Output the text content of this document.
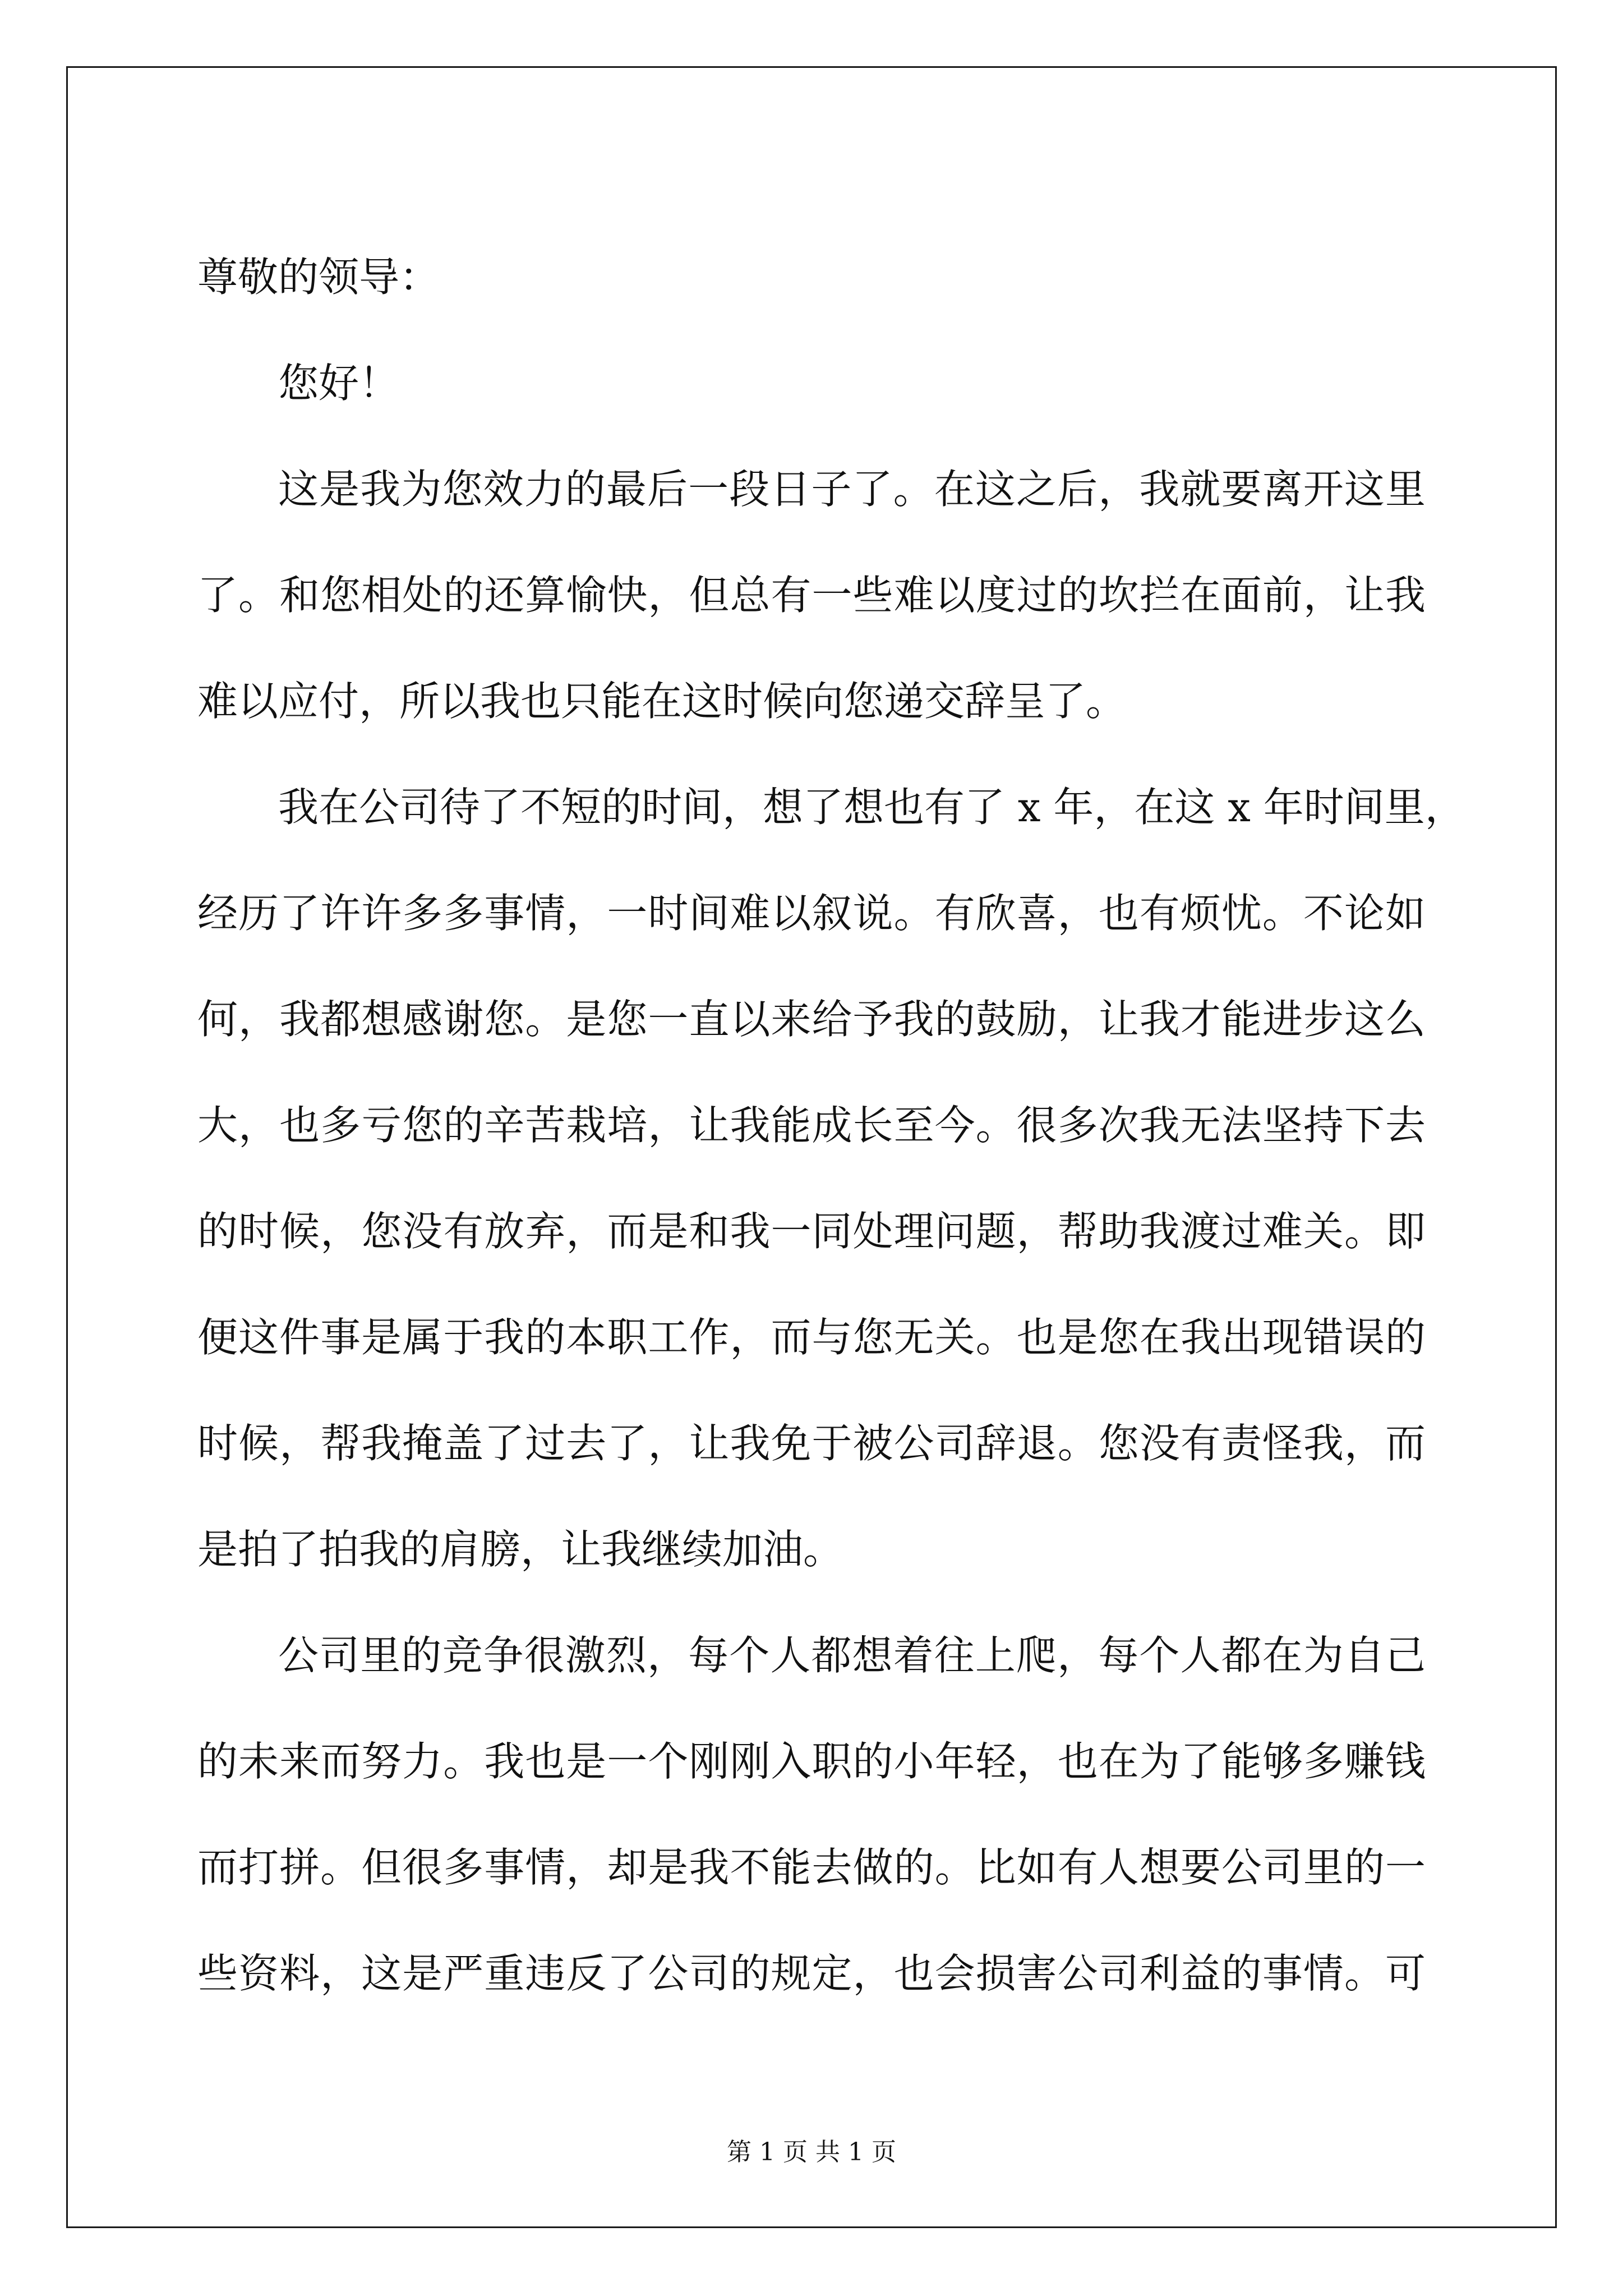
尊敬的领导：
您好！
这是我为您效力的最后一段日子了。在这之后，我就要离开这里
了。和您相处的还算愉快，但总有一些难以度过的坎拦在面前，让我
难以应付，所以我也只能在这时候向您递交辞呈了。
我在公司待了不短的时间，想了想也有了 x 年，在这 x 年时间里，
经历了许许多多事情，一时间难以叙说。有欣喜，也有烦忧。不论如
何，我都想感谢您。是您一直以来给予我的鼓励，让我才能进步这么
大，也多亏您的辛苦栽培，让我能成长至今。很多次我无法坚持下去
的时候，您没有放弃，而是和我一同处理问题，帮助我渡过难关。即
便这件事是属于我的本职工作，而与您无关。也是您在我出现错误的
时候，帮我掩盖了过去了，让我免于被公司辞退。您没有责怪我，而
是拍了拍我的肩膀，让我继续加油。
公司里的竞争很激烈，每个人都想着往上爬，每个人都在为自己
的未来而努力。我也是一个刚刚入职的小年轻，也在为了能够多赚钱
而打拼。但很多事情，却是我不能去做的。比如有人想要公司里的一
些资料，这是严重违反了公司的规定，也会损害公司利益的事情。可
第 1 页 共 1 页
